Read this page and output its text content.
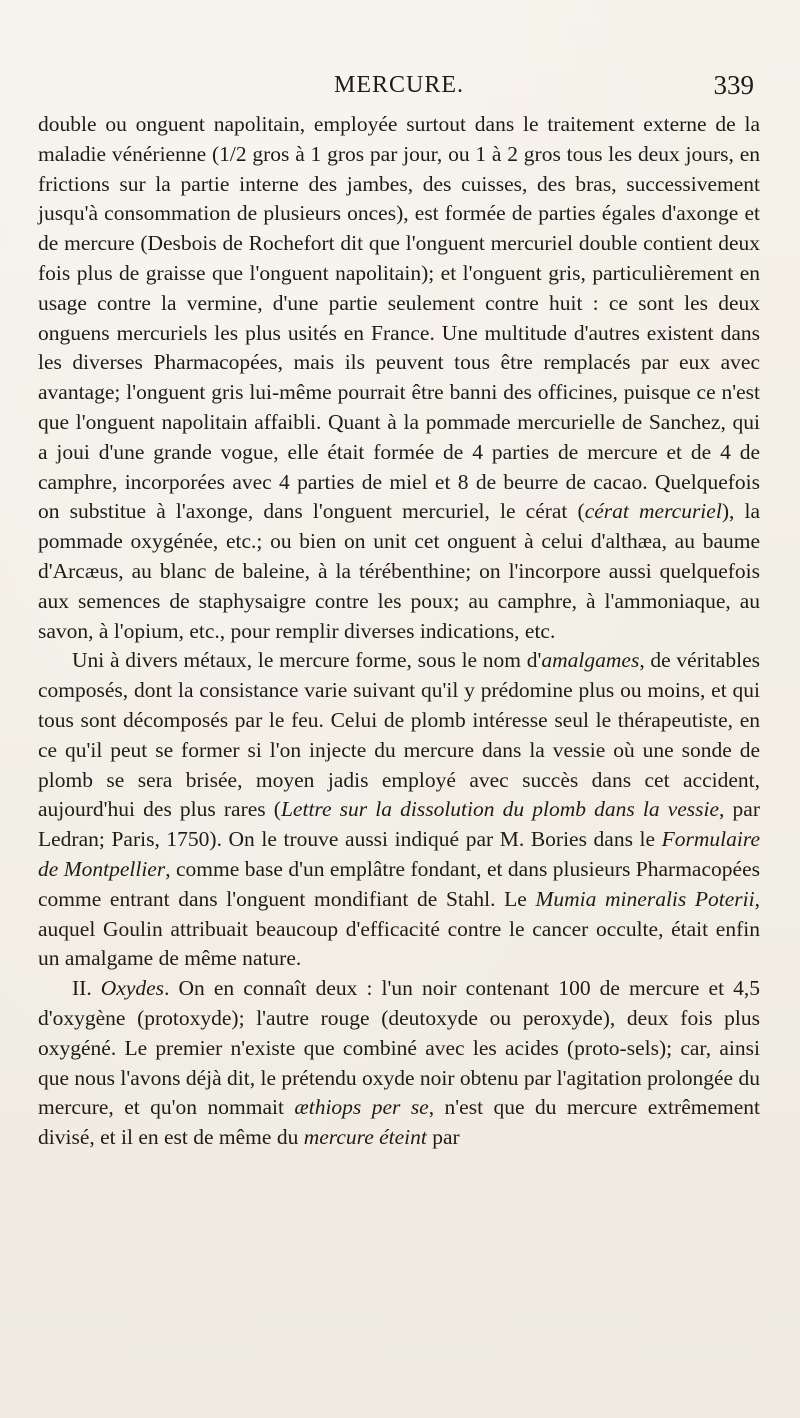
MERCURE.	339

double ou onguent napolitain, employée surtout dans le traitement externe de la maladie vénérienne (1/2 gros à 1 gros par jour, ou 1 à 2 gros tous les deux jours, en frictions sur la partie interne des jambes, des cuisses, des bras, successivement jusqu'à consommation de plusieurs onces), est formée de parties égales d'axonge et de mercure (Desbois de Rochefort dit que l'onguent mercuriel double contient deux fois plus de graisse que l'onguent napolitain); et l'onguent gris, particulièrement en usage contre la vermine, d'une partie seulement contre huit : ce sont les deux onguens mercuriels les plus usités en France. Une multitude d'autres existent dans les diverses Pharmacopées, mais ils peuvent tous être remplacés par eux avec avantage; l'onguent gris lui-même pourrait être banni des officines, puisque ce n'est que l'onguent napolitain affaibli. Quant à la pommade mercurielle de Sanchez, qui a joui d'une grande vogue, elle était formée de 4 parties de mercure et de 4 de camphre, incorporées avec 4 parties de miel et 8 de beurre de cacao. Quelquefois on substitue à l'axonge, dans l'onguent mercuriel, le cérat (cérat mercuriel), la pommade oxygénée, etc.; ou bien on unit cet onguent à celui d'althæa, au baume d'Arcæus, au blanc de baleine, à la térébenthine; on l'incorpore aussi quelquefois aux semences de staphysaigre contre les poux; au camphre, à l'ammoniaque, au savon, à l'opium, etc., pour remplir diverses indications, etc.

Uni à divers métaux, le mercure forme, sous le nom d'amalgames, de véritables composés, dont la consistance varie suivant qu'il y prédomine plus ou moins, et qui tous sont décomposés par le feu. Celui de plomb intéresse seul le thérapeutiste, en ce qu'il peut se former si l'on injecte du mercure dans la vessie où une sonde de plomb se sera brisée, moyen jadis employé avec succès dans cet accident, aujourd'hui des plus rares (Lettre sur la dissolution du plomb dans la vessie, par Ledran; Paris, 1750). On le trouve aussi indiqué par M. Bories dans le Formulaire de Montpellier, comme base d'un emplâtre fondant, et dans plusieurs Pharmacopées comme entrant dans l'onguent mondifiant de Stahl. Le Mumia mineralis Poterii, auquel Goulin attribuait beaucoup d'efficacité contre le cancer occulte, était enfin un amalgame de même nature.

II. Oxydes. On en connaît deux : l'un noir contenant 100 de mercure et 4,5 d'oxygène (protoxyde); l'autre rouge (deutoxyde ou peroxyde), deux fois plus oxygéné. Le premier n'existe que combiné avec les acides (proto-sels); car, ainsi que nous l'avons déjà dit, le prétendu oxyde noir obtenu par l'agitation prolongée du mercure, et qu'on nommait æthiops per se, n'est que du mercure extrêmement divisé, et il en est de même du mercure éteint par
